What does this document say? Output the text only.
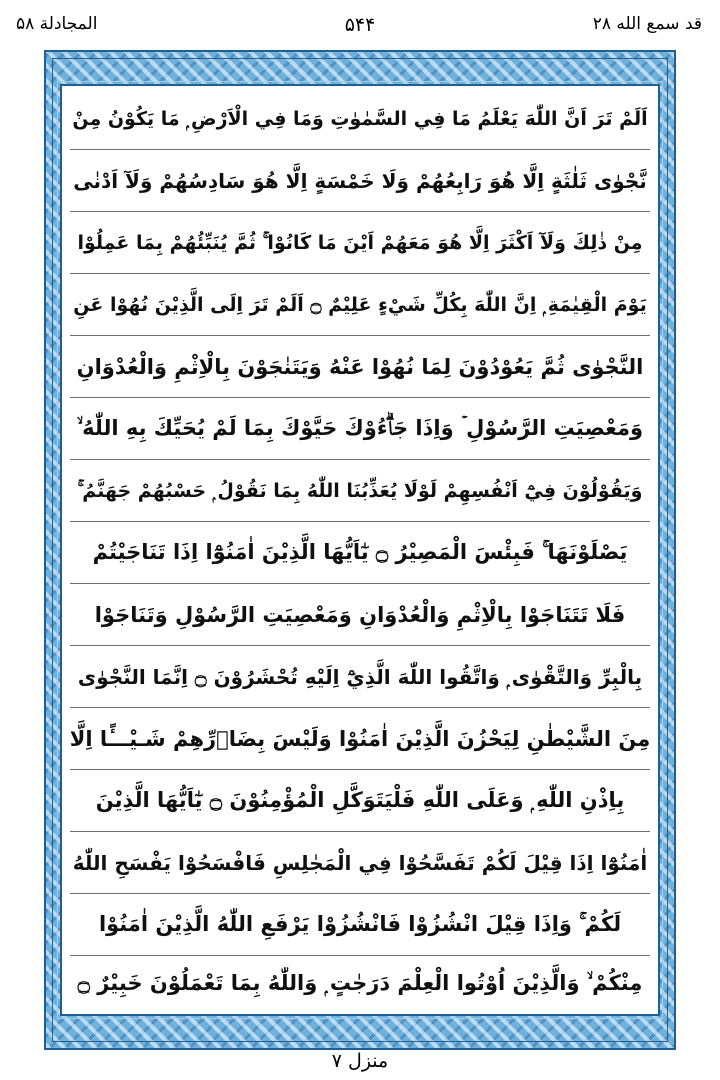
المجادلة ۵۸	۵۴۴	قد سمع الله ۲۸
اَلَمْ تَرَ اَنَّ اللّٰهَ يَعْلَمُ مَا فِي السَّمٰوٰتِ وَمَا فِي الْاَرْضِ ۭ مَا يَكُوْنُ مِنْ
نَّجْوٰى ثَلٰثَةٍ اِلَّا هُوَ رَابِعُهُمْ وَلَا خَمْسَةٍ اِلَّا هُوَ سَادِسُهُمْ وَلَآ اَدْنٰى
مِنْ ذٰلِكَ وَلَآ اَكْثَرَ اِلَّا هُوَ مَعَهُمْ اَيْنَ مَا كَانُوْا ۚ ثُمَّ يُنَبِّئُهُمْ بِمَا عَمِلُوْا
يَوْمَ الْقِيٰمَةِ ۭ اِنَّ اللّٰهَ بِكُلِّ شَيْءٍ عَلِيْمٌ ۝ اَلَمْ تَرَ اِلَى الَّذِيْنَ نُهُوْا عَنِ
النَّجْوٰى ثُمَّ يَعُوْدُوْنَ لِمَا نُهُوْا عَنْهُ وَيَتَنٰجَوْنَ بِالْاِثْمِ وَالْعُدْوَانِ
وَمَعْصِيَتِ الرَّسُوْلِ ۡ وَاِذَا جَاۗءُوْكَ حَيَّوْكَ بِمَا لَمْ يُحَيِّكَ بِهِ اللّٰهُ ۙ
وَيَقُوْلُوْنَ فِيْٓ اَنْفُسِهِمْ لَوْلَا يُعَذِّبُنَا اللّٰهُ بِمَا نَقُوْلُ ۭ حَسْبُهُمْ جَهَنَّمُ ۚ
يَصْلَوْنَهَا ۚ فَبِئْسَ الْمَصِيْرُ ۝ يٰٓاَيُّهَا الَّذِيْنَ اٰمَنُوْٓا اِذَا تَنَاجَيْتُمْ
فَلَا تَتَنَاجَوْا بِالْاِثْمِ وَالْعُدْوَانِ وَمَعْصِيَتِ الرَّسُوْلِ وَتَنَاجَوْا
بِالْبِرِّ وَالتَّقْوٰى ۭ وَاتَّقُوا اللّٰهَ الَّذِيْٓ اِلَيْهِ تُحْشَرُوْنَ ۝ اِنَّمَا النَّجْوٰى
مِنَ الشَّيْطٰنِ لِيَحْزُنَ الَّذِيْنَ اٰمَنُوْا وَلَيْسَ بِضَاۗرِّهِمْ شَـيْـــًٔا اِلَّا
بِاِذْنِ اللّٰهِ ۭ وَعَلَى اللّٰهِ فَلْيَتَوَكَّلِ الْمُؤْمِنُوْنَ ۝ يٰٓاَيُّهَا الَّذِيْنَ
اٰمَنُوْٓا اِذَا قِيْلَ لَكُمْ تَفَسَّحُوْا فِي الْمَجٰلِسِ فَافْسَحُوْا يَفْسَحِ اللّٰهُ
لَكُمْ ۚ وَاِذَا قِيْلَ انْشُزُوْا فَانْشُزُوْا يَرْفَعِ اللّٰهُ الَّذِيْنَ اٰمَنُوْا
مِنْكُمْ ۙ وَالَّذِيْنَ اُوْتُوا الْعِلْمَ دَرَجٰتٍ ۭ وَاللّٰهُ بِمَا تَعْمَلُوْنَ خَبِيْرٌ ۝
منزل ۷
